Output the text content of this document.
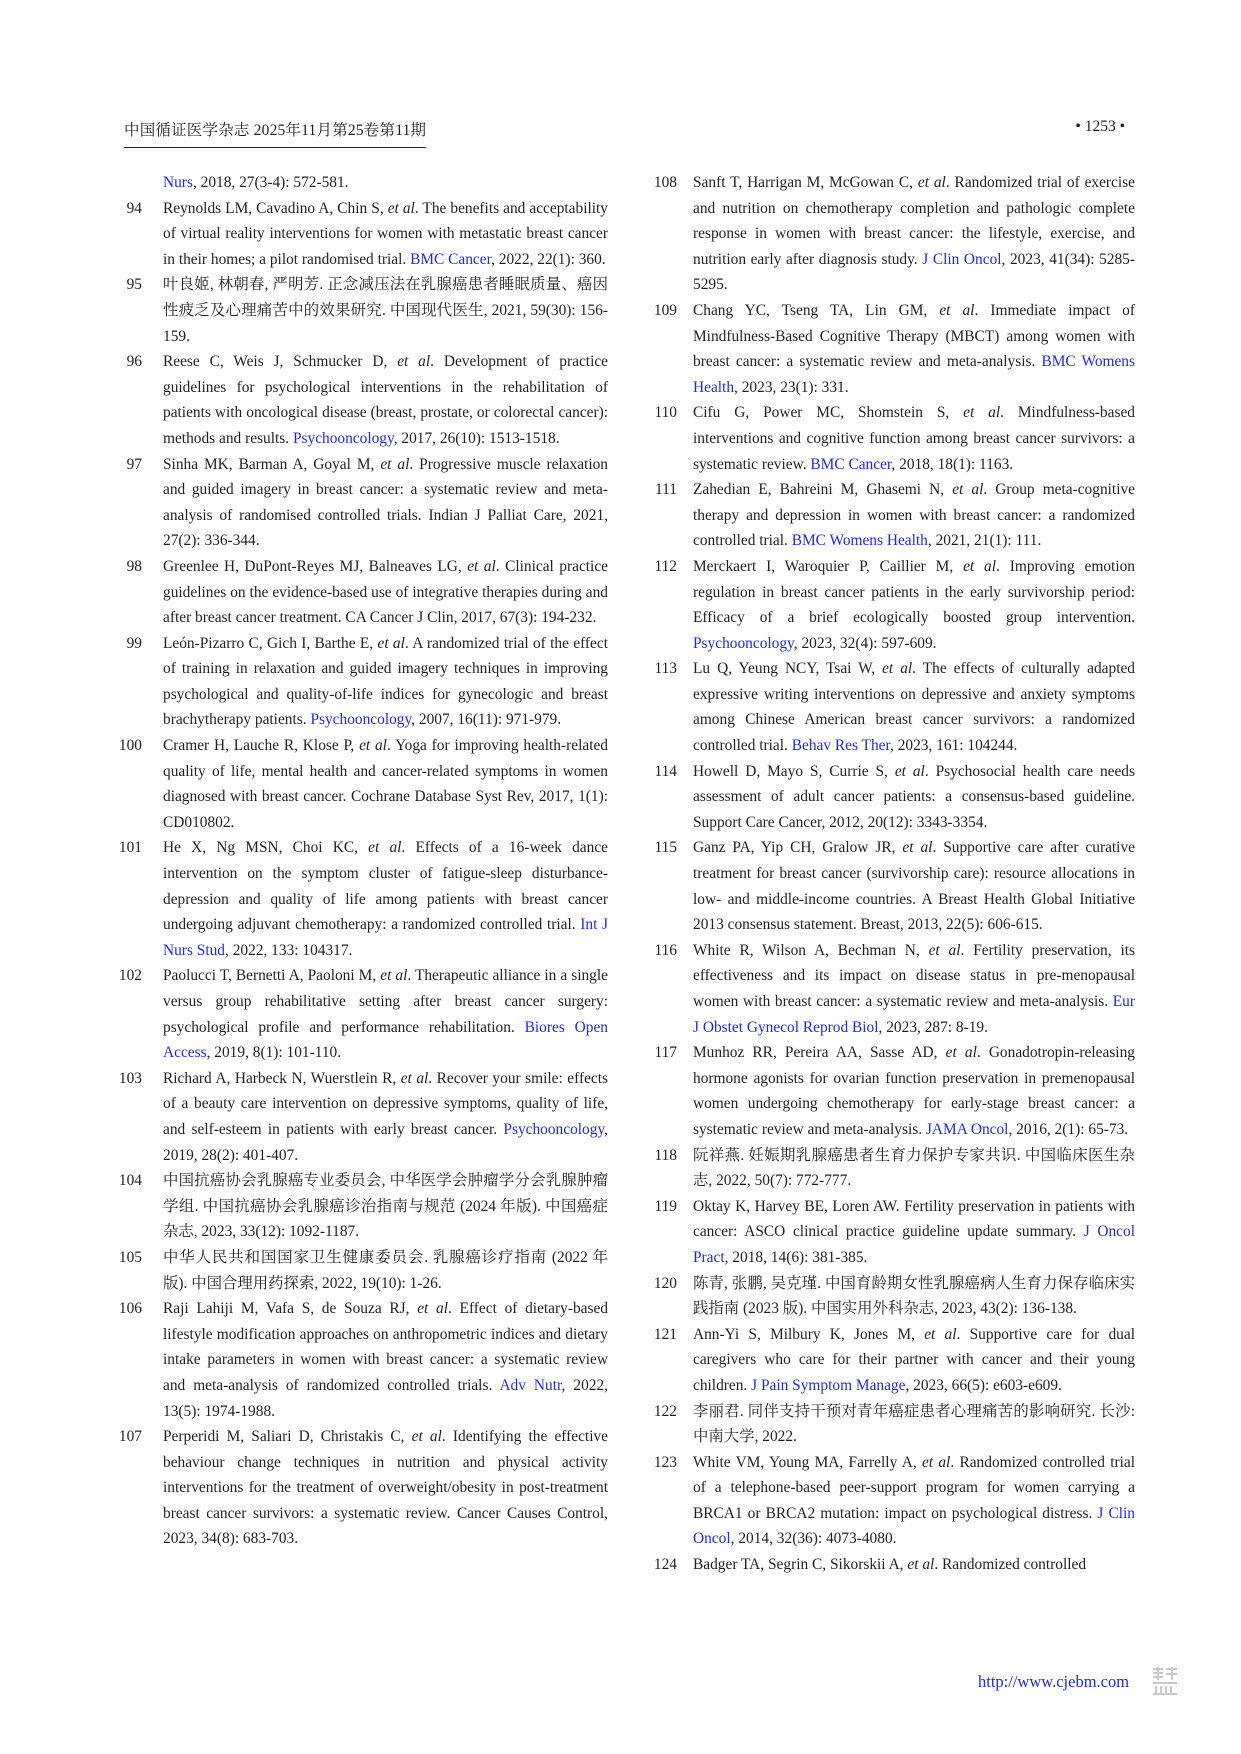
中国循证医学杂志 2025年11月第25卷第11期	• 1253 •
Nurs, 2018, 27(3-4): 572-581.
94 Reynolds LM, Cavadino A, Chin S, et al. The benefits and acceptability of virtual reality interventions for women with metastatic breast cancer in their homes; a pilot randomised trial. BMC Cancer, 2022, 22(1): 360.
95 叶良姬, 林朝春, 严明芳. 正念减压法在乳腺癌患者睡眠质量、癌因性疲乏及心理痛苦中的效果研究. 中国现代医生, 2021, 59(30): 156-159.
96 Reese C, Weis J, Schmucker D, et al. Development of practice guidelines for psychological interventions in the rehabilitation of patients with oncological disease (breast, prostate, or colorectal cancer): methods and results. Psychooncology, 2017, 26(10): 1513-1518.
97 Sinha MK, Barman A, Goyal M, et al. Progressive muscle relaxation and guided imagery in breast cancer: a systematic review and meta-analysis of randomised controlled trials. Indian J Palliat Care, 2021, 27(2): 336-344.
98 Greenlee H, DuPont-Reyes MJ, Balneaves LG, et al. Clinical practice guidelines on the evidence-based use of integrative therapies during and after breast cancer treatment. CA Cancer J Clin, 2017, 67(3): 194-232.
99 León-Pizarro C, Gich I, Barthe E, et al. A randomized trial of the effect of training in relaxation and guided imagery techniques in improving psychological and quality-of-life indices for gynecologic and breast brachytherapy patients. Psychooncology, 2007, 16(11): 971-979.
100 Cramer H, Lauche R, Klose P, et al. Yoga for improving health-related quality of life, mental health and cancer-related symptoms in women diagnosed with breast cancer. Cochrane Database Syst Rev, 2017, 1(1): CD010802.
101 He X, Ng MSN, Choi KC, et al. Effects of a 16-week dance intervention on the symptom cluster of fatigue-sleep disturbance-depression and quality of life among patients with breast cancer undergoing adjuvant chemotherapy: a randomized controlled trial. Int J Nurs Stud, 2022, 133: 104317.
102 Paolucci T, Bernetti A, Paoloni M, et al. Therapeutic alliance in a single versus group rehabilitative setting after breast cancer surgery: psychological profile and performance rehabilitation. Biores Open Access, 2019, 8(1): 101-110.
103 Richard A, Harbeck N, Wuerstlein R, et al. Recover your smile: effects of a beauty care intervention on depressive symptoms, quality of life, and self-esteem in patients with early breast cancer. Psychooncology, 2019, 28(2): 401-407.
104 中国抗癌协会乳腺癌专业委员会, 中华医学会肿瘤学分会乳腺肿瘤学组. 中国抗癌协会乳腺癌诊治指南与规范 (2024 年版). 中国癌症杂志, 2023, 33(12): 1092-1187.
105 中华人民共和国国家卫生健康委员会. 乳腺癌诊疗指南 (2022 年版). 中国合理用药探索, 2022, 19(10): 1-26.
106 Raji Lahiji M, Vafa S, de Souza RJ, et al. Effect of dietary-based lifestyle modification approaches on anthropometric indices and dietary intake parameters in women with breast cancer: a systematic review and meta-analysis of randomized controlled trials. Adv Nutr, 2022, 13(5): 1974-1988.
107 Perperidi M, Saliari D, Christakis C, et al. Identifying the effective behaviour change techniques in nutrition and physical activity interventions for the treatment of overweight/obesity in post-treatment breast cancer survivors: a systematic review. Cancer Causes Control, 2023, 34(8): 683-703.
108 Sanft T, Harrigan M, McGowan C, et al. Randomized trial of exercise and nutrition on chemotherapy completion and pathologic complete response in women with breast cancer: the lifestyle, exercise, and nutrition early after diagnosis study. J Clin Oncol, 2023, 41(34): 5285-5295.
109 Chang YC, Tseng TA, Lin GM, et al. Immediate impact of Mindfulness-Based Cognitive Therapy (MBCT) among women with breast cancer: a systematic review and meta-analysis. BMC Womens Health, 2023, 23(1): 331.
110 Cifu G, Power MC, Shomstein S, et al. Mindfulness-based interventions and cognitive function among breast cancer survivors: a systematic review. BMC Cancer, 2018, 18(1): 1163.
111 Zahedian E, Bahreini M, Ghasemi N, et al. Group meta-cognitive therapy and depression in women with breast cancer: a randomized controlled trial. BMC Womens Health, 2021, 21(1): 111.
112 Merckaert I, Waroquier P, Caillier M, et al. Improving emotion regulation in breast cancer patients in the early survivorship period: Efficacy of a brief ecologically boosted group intervention. Psychooncology, 2023, 32(4): 597-609.
113 Lu Q, Yeung NCY, Tsai W, et al. The effects of culturally adapted expressive writing interventions on depressive and anxiety symptoms among Chinese American breast cancer survivors: a randomized controlled trial. Behav Res Ther, 2023, 161: 104244.
114 Howell D, Mayo S, Currie S, et al. Psychosocial health care needs assessment of adult cancer patients: a consensus-based guideline. Support Care Cancer, 2012, 20(12): 3343-3354.
115 Ganz PA, Yip CH, Gralow JR, et al. Supportive care after curative treatment for breast cancer (survivorship care): resource allocations in low- and middle-income countries. A Breast Health Global Initiative 2013 consensus statement. Breast, 2013, 22(5): 606-615.
116 White R, Wilson A, Bechman N, et al. Fertility preservation, its effectiveness and its impact on disease status in pre-menopausal women with breast cancer: a systematic review and meta-analysis. Eur J Obstet Gynecol Reprod Biol, 2023, 287: 8-19.
117 Munhoz RR, Pereira AA, Sasse AD, et al. Gonadotropin-releasing hormone agonists for ovarian function preservation in premenopausal women undergoing chemotherapy for early-stage breast cancer: a systematic review and meta-analysis. JAMA Oncol, 2016, 2(1): 65-73.
118 阮祥燕. 妊娠期乳腺癌患者生育力保护专家共识. 中国临床医生杂志, 2022, 50(7): 772-777.
119 Oktay K, Harvey BE, Loren AW. Fertility preservation in patients with cancer: ASCO clinical practice guideline update summary. J Oncol Pract, 2018, 14(6): 381-385.
120 陈青, 张鹏, 吴克瑾. 中国育龄期女性乳腺癌病人生育力保存临床实践指南 (2023 版). 中国实用外科杂志, 2023, 43(2): 136-138.
121 Ann-Yi S, Milbury K, Jones M, et al. Supportive care for dual caregivers who care for their partner with cancer and their young children. J Pain Symptom Manage, 2023, 66(5): e603-e609.
122 李丽君. 同伴支持干预对青年癌症患者心理痛苦的影响研究. 长沙: 中南大学, 2022.
123 White VM, Young MA, Farrelly A, et al. Randomized controlled trial of a telephone-based peer-support program for women carrying a BRCA1 or BRCA2 mutation: impact on psychological distress. J Clin Oncol, 2014, 32(36): 4073-4080.
124 Badger TA, Segrin C, Sikorskii A, et al. Randomized controlled
http://www.cjebm.com
